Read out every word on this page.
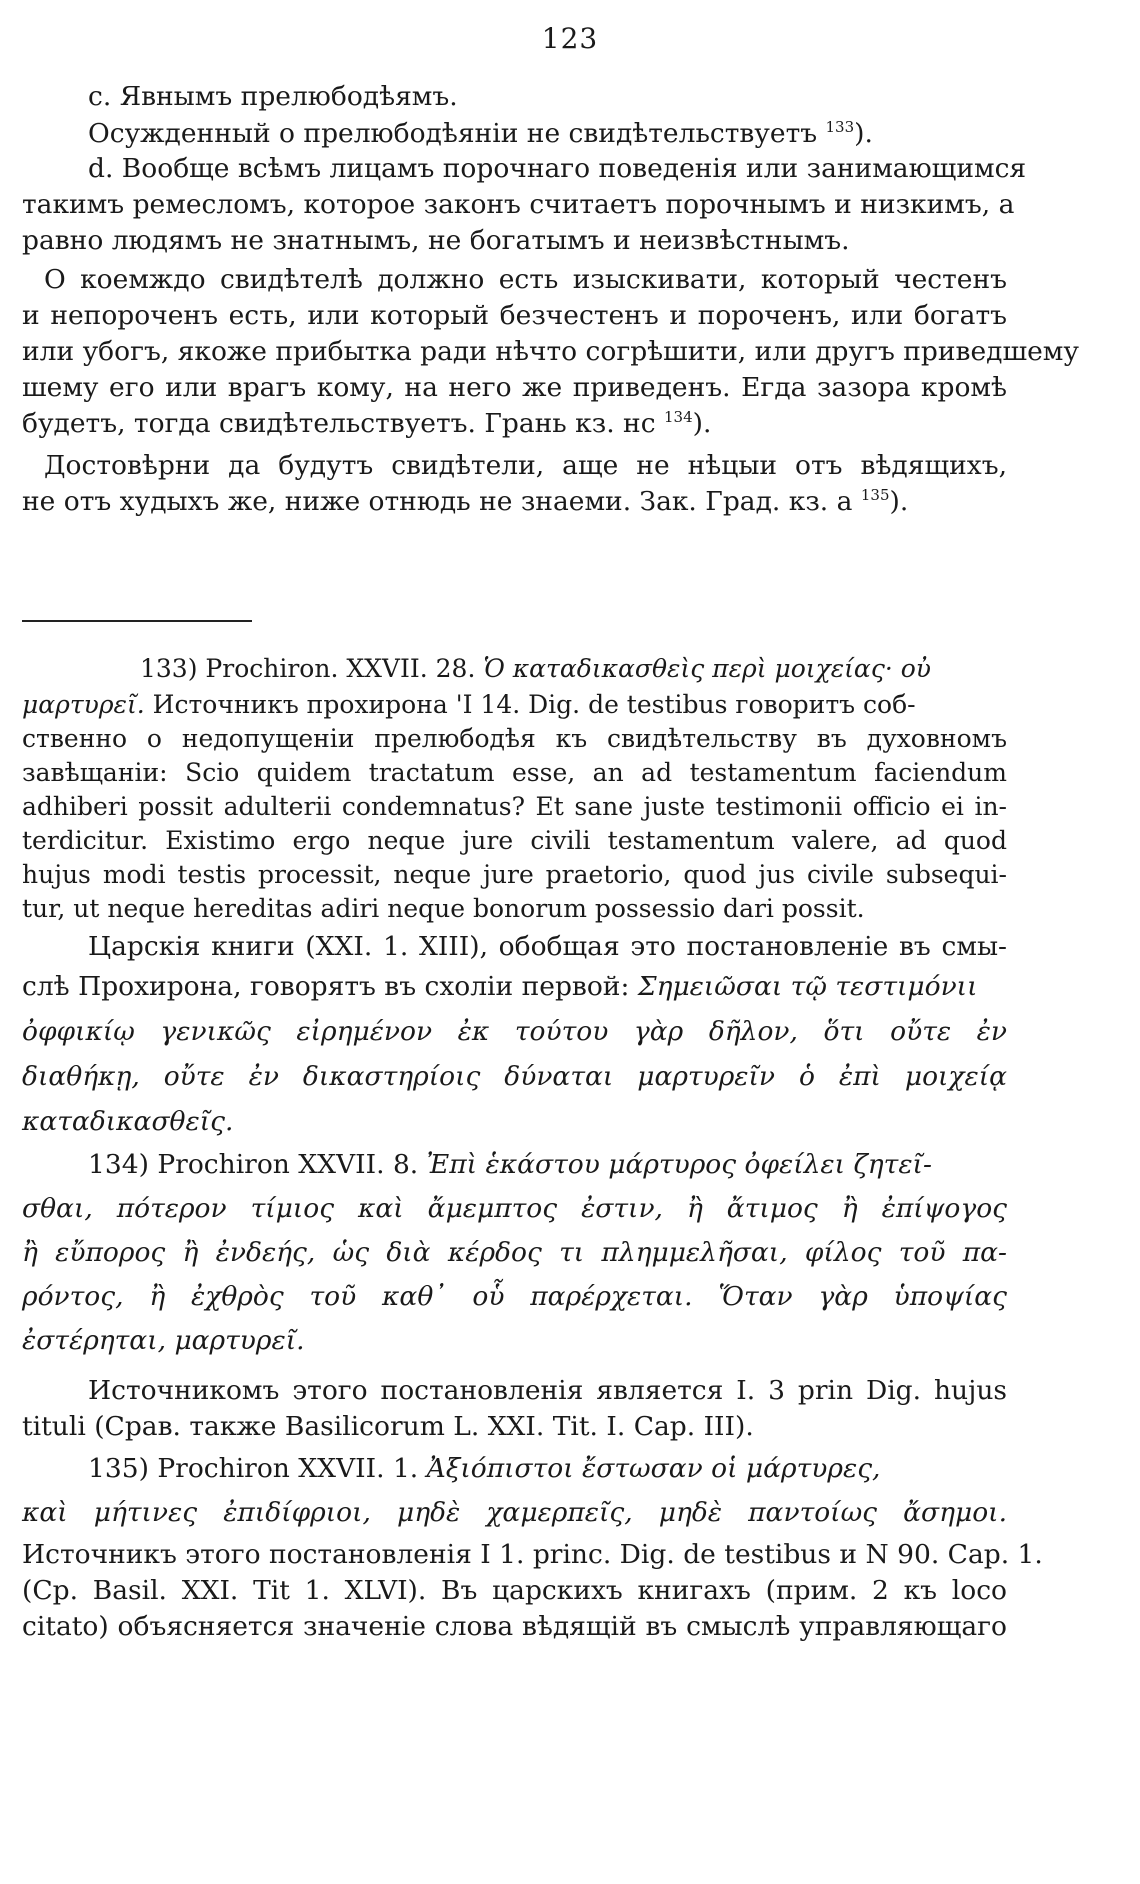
123
с. Явнымъ прелюбодѣямъ.
Осужденный о прелюбодѣяніи не свидѣтельствуетъ $^{133}$).
d. Вообще всѣмъ лицамъ порочнаго поведенія или занимающимся
такимъ ремесломъ, которое законъ считаетъ порочнымъ и низкимъ, а
равно людямъ не знатнымъ, не богатымъ и неизвѣстнымъ.
О коемждо свидѣтелѣ должно есть изыскивати, который честенъ
и непороченъ есть, или который безчестенъ и пороченъ, или богатъ
или убогъ, якоже прибытка ради нѣчто согрѣшити, или другъ приведшему
шему его или врагъ кому, на него же приведенъ. Егда зазора кромѣ
будетъ, тогда свидѣтельствуетъ. Грань кз. нс $^{134}$).
Достовѣрни да будутъ свидѣтели, аще не нѣцыи отъ вѣдящихъ,
не отъ худыхъ же, ниже отнюдь не знаеми. Зак. Град. кз. а $^{135}$).
133) Prochiron. XXVII. 28. Ὁ καταδικασθεὶς περὶ μοιχείας· οὐ
μαρτυρεῖ. Источникъ прохирона 'I 14. Dig. de testibus говоритъ соб-
ственно о недопущеніи прелюбодѣя къ свидѣтельству въ духовномъ
завѣщаніи: Scio quidem tractatum esse, an ad testamentum faciendum
adhiberi possit adulterii condemnatus? Et sane juste testimonii officio ei in-
terdicitur. Existimo ergo neque jure civili testamentum valere, ad quod
hujus modi testis processit, neque jure praetorio, quod jus civile subsequi-
tur, ut neque hereditas adiri neque bonorum possessio dari possit.
Царскія книги (XXI. 1. XIII), обобщая это постановленіе въ смы-
слѣ Прохирона, говорятъ въ схоліи первой: Σημειῶσαι τῷ τεστιμόνιι
ὀφφικίῳ γενικῶς εἰρημένον ἐκ τούτου γὰρ δῆλον, ὅτι οὔτε ἐν
διαθήκῃ, οὔτε ἐν δικαστηρίοις δύναται μαρτυρεῖν ὁ ἐπὶ μοιχείᾳ
καταδικασθεῖς.
134) Prochiron XXVII. 8. Ἐπὶ ἑκάστου μάρτυρος ὀφείλει ζητεῖ-
σθαι, πότερον τίμιος καὶ ἄμεμπτος ἐστιν, ἢ ἄτιμος ἢ ἐπίψογος
ἢ εὔπορος ἢ ἐνδεής, ὡς διὰ κέρδος τι πλημμελῆσαι, φίλος τοῦ πα-
ρόντος, ἢ ἐχθρὸς τοῦ καθ᾽ οὗ παρέρχεται. Ὅταν γὰρ ὑποψίας
ἐστέρηται, μαρτυρεῖ.
Источникомъ этого постановленія является I. 3 prin Dig. hujus
tituli (Срав. также Basilicorum L. XXI. Tit. I. Cap. III).
135) Prochiron XXVII. 1. Ἀξιόπιστοι ἔστωσαν οἱ μάρτυρες,
καὶ μήτινες ἐπιδίφριοι, μηδὲ χαμερπεῖς, μηδὲ παντοίως ἄσημοι.
Источникъ этого постановленія I 1. princ. Dig. de testibus и N 90. Cap. 1.
(Ср. Basil. XXI. Tit 1. XLVI). Въ царскихъ книгахъ (прим. 2 къ loco
citato) объясняется значеніе слова вѣдящій въ смыслѣ управляющаго
